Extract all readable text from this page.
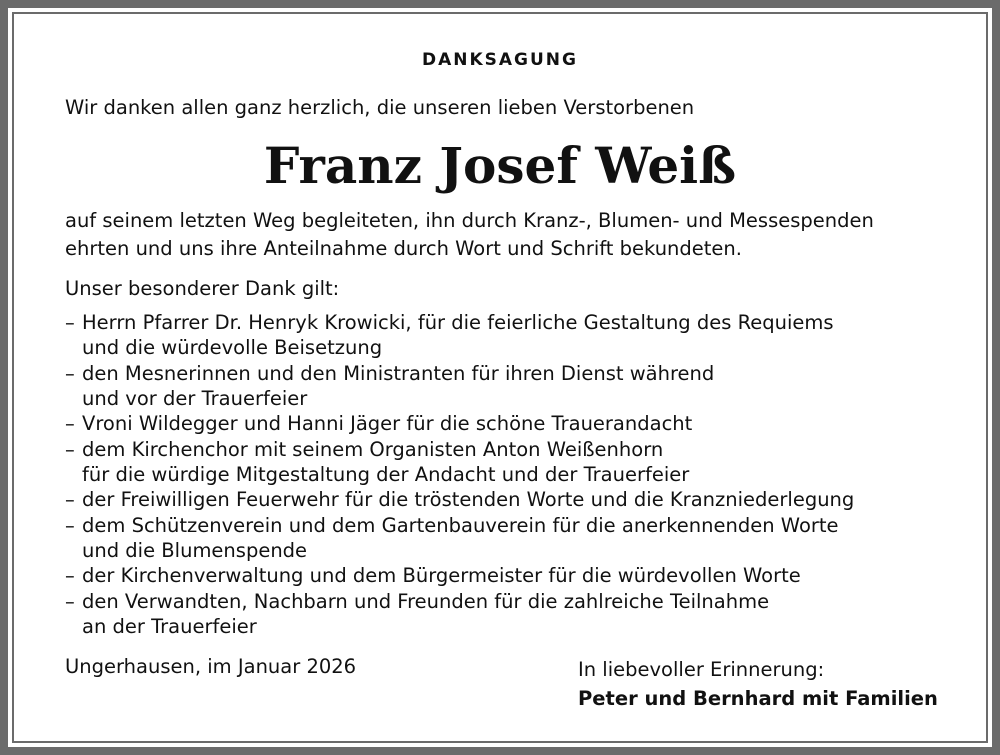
DANKSAGUNG
Wir danken allen ganz herzlich, die unseren lieben Verstorbenen
Franz Josef Weiß
auf seinem letzten Weg begleiteten, ihn durch Kranz-, Blumen- und Messespenden
ehrten und uns ihre Anteilnahme durch Wort und Schrift bekundeten.
Unser besonderer Dank gilt:
– Herrn Pfarrer Dr. Henryk Krowicki, für die feierliche Gestaltung des Requiems
und die würdevolle Beisetzung
– den Mesnerinnen und den Ministranten für ihren Dienst während
und vor der Trauerfeier
– Vroni Wildegger und Hanni Jäger für die schöne Trauerandacht
– dem Kirchenchor mit seinem Organisten Anton Weißenhorn
für die würdige Mitgestaltung der Andacht und der Trauerfeier
– der Freiwilligen Feuerwehr für die tröstenden Worte und die Kranzniederlegung
– dem Schützenverein und dem Gartenbauverein für die anerkennenden Worte
und die Blumenspende
– der Kirchenverwaltung und dem Bürgermeister für die würdevollen Worte
– den Verwandten, Nachbarn und Freunden für die zahlreiche Teilnahme
an der Trauerfeier
Ungerhausen, im Januar 2026	In liebevoller Erinnerung:
Peter und Bernhard mit Familien
